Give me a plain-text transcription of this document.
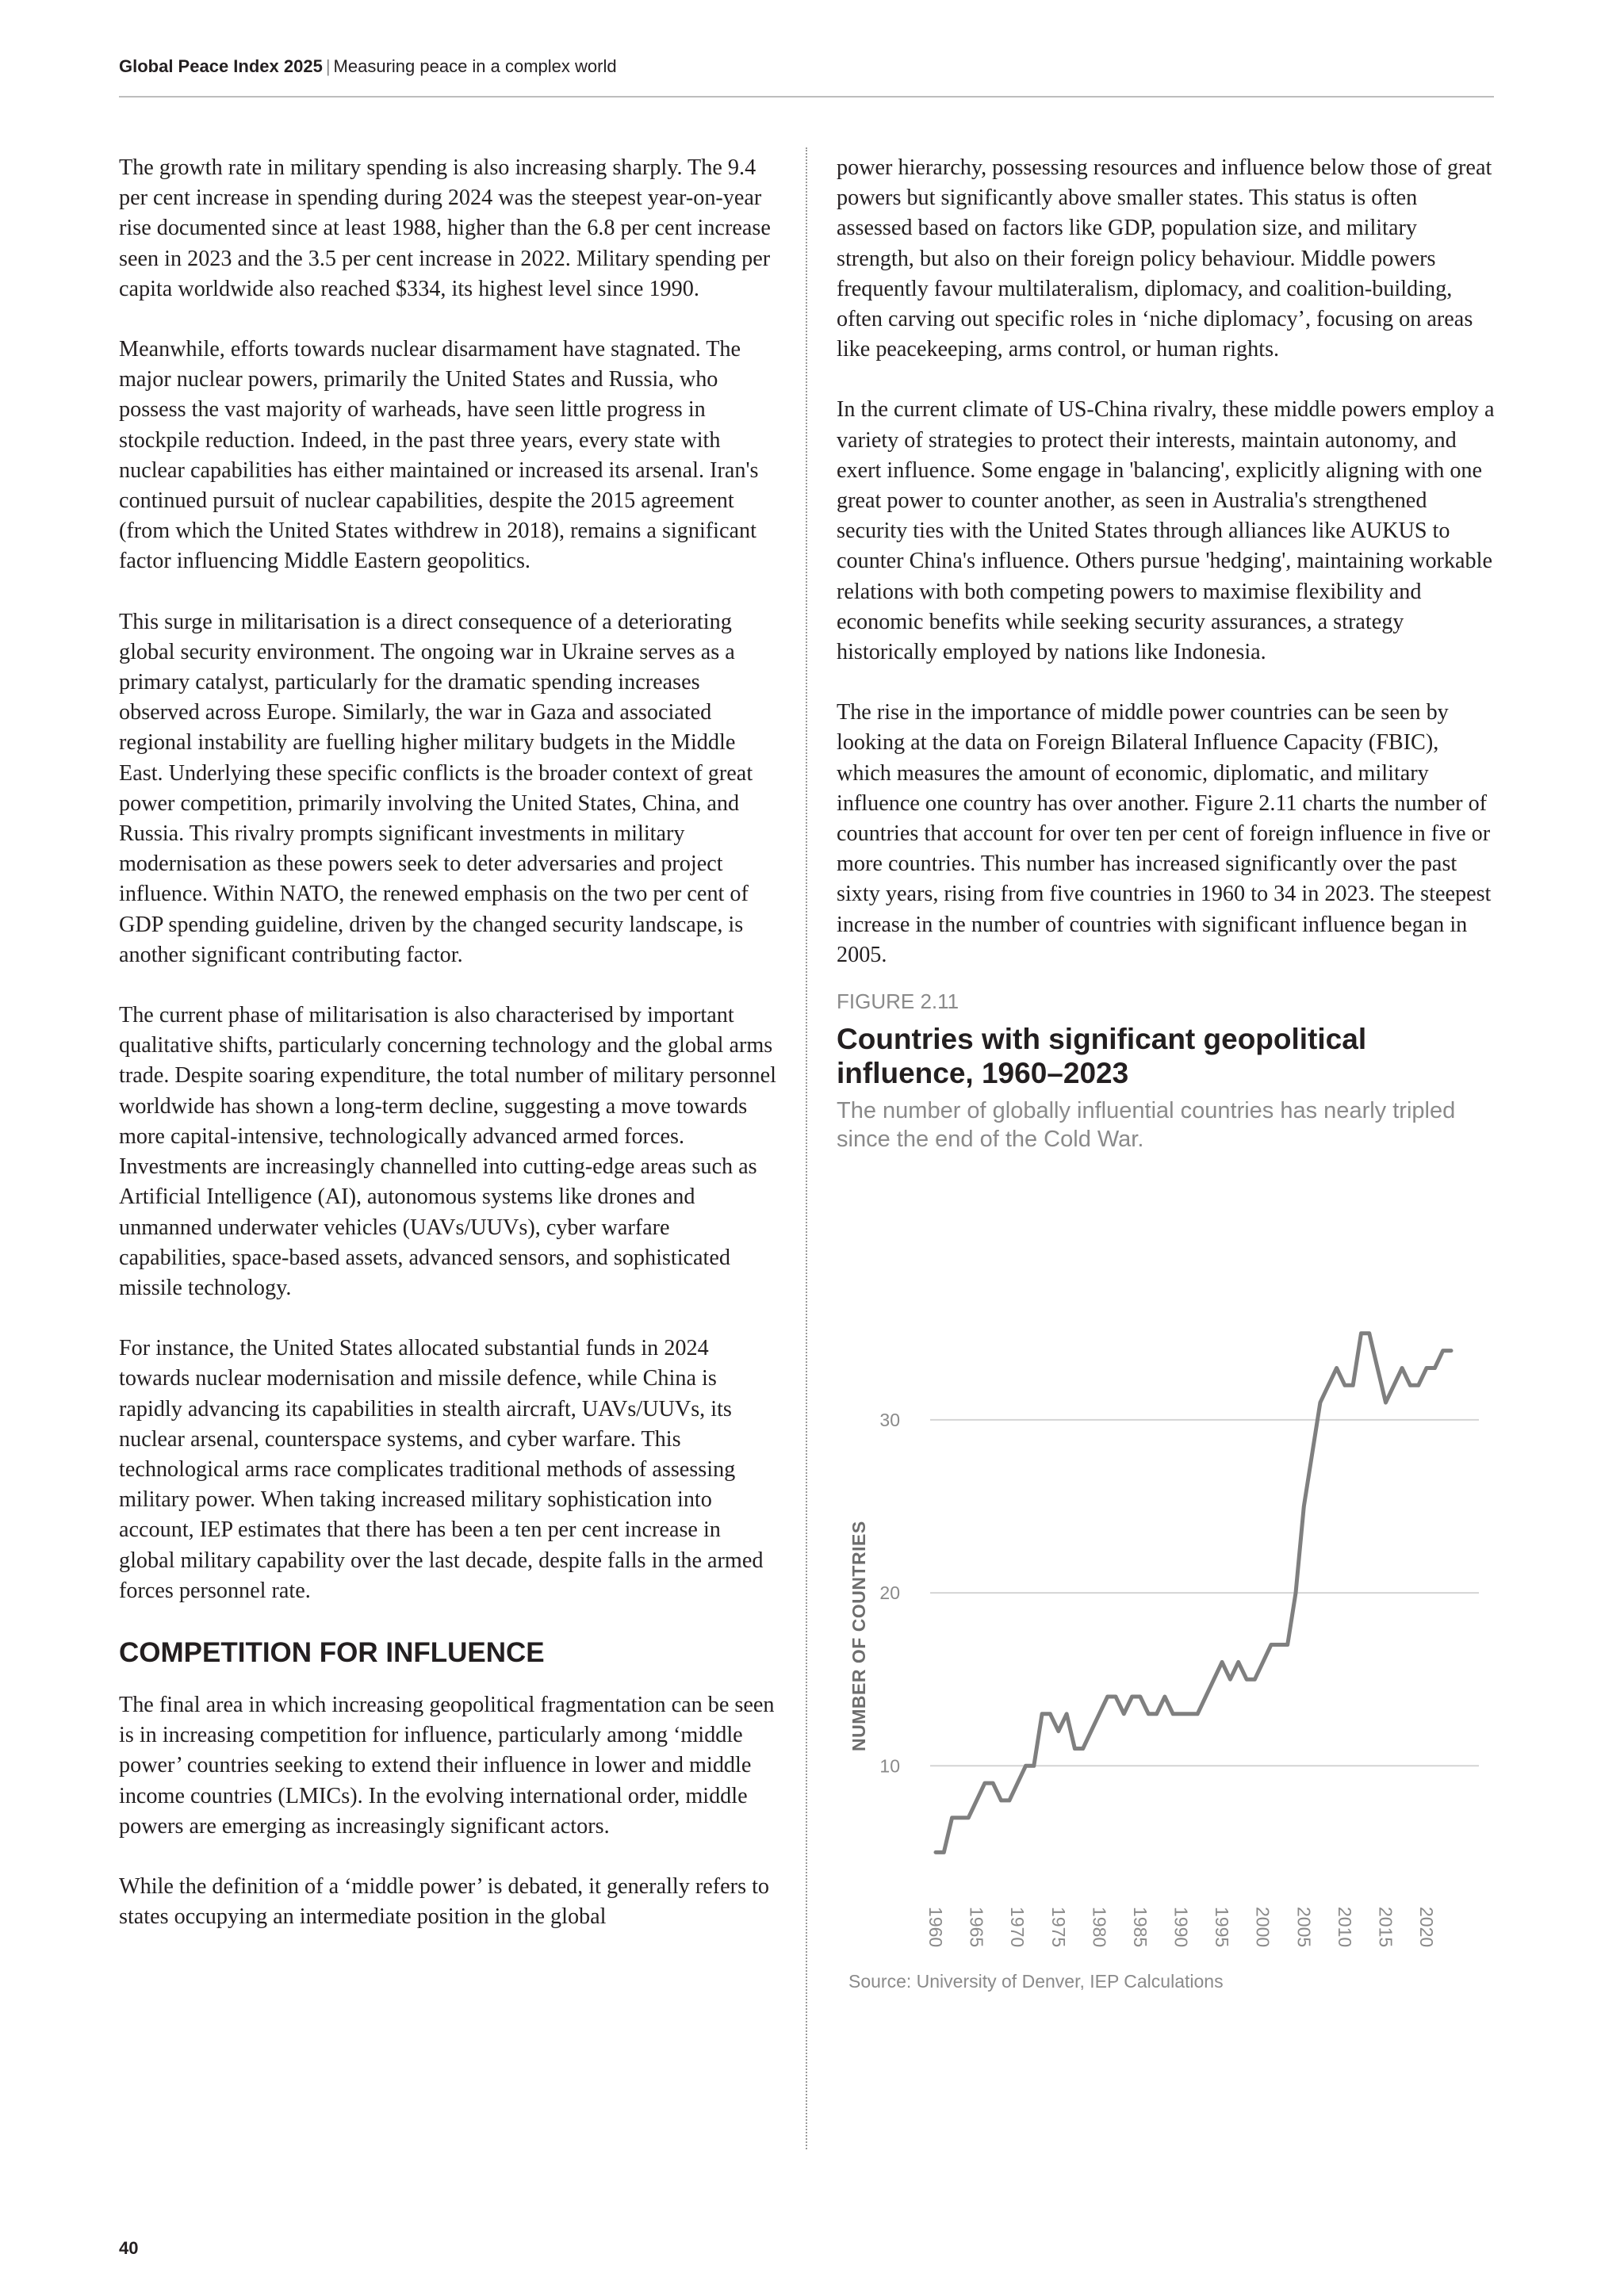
Global Peace Index 2025 | Measuring peace in a complex world

The growth rate in military spending is also increasing sharply. The 9.4 per cent increase in spending during 2024 was the steepest year-on-year rise documented since at least 1988, higher than the 6.8 per cent increase seen in 2023 and the 3.5 per cent increase in 2022. Military spending per capita worldwide also reached $334, its highest level since 1990.

Meanwhile, efforts towards nuclear disarmament have stagnated. The major nuclear powers, primarily the United States and Russia, who possess the vast majority of warheads, have seen little progress in stockpile reduction. Indeed, in the past three years, every state with nuclear capabilities has either maintained or increased its arsenal. Iran's continued pursuit of nuclear capabilities, despite the 2015 agreement (from which the United States withdrew in 2018), remains a significant factor influencing Middle Eastern geopolitics.

This surge in militarisation is a direct consequence of a deteriorating global security environment. The ongoing war in Ukraine serves as a primary catalyst, particularly for the dramatic spending increases observed across Europe. Similarly, the war in Gaza and associated regional instability are fuelling higher military budgets in the Middle East. Underlying these specific conflicts is the broader context of great power competition, primarily involving the United States, China, and Russia. This rivalry prompts significant investments in military modernisation as these powers seek to deter adversaries and project influence. Within NATO, the renewed emphasis on the two per cent of GDP spending guideline, driven by the changed security landscape, is another significant contributing factor.

The current phase of militarisation is also characterised by important qualitative shifts, particularly concerning technology and the global arms trade. Despite soaring expenditure, the total number of military personnel worldwide has shown a long-term decline, suggesting a move towards more capital-intensive, technologically advanced armed forces. Investments are increasingly channelled into cutting-edge areas such as Artificial Intelligence (AI), autonomous systems like drones and unmanned underwater vehicles (UAVs/UUVs), cyber warfare capabilities, space-based assets, advanced sensors, and sophisticated missile technology.

For instance, the United States allocated substantial funds in 2024 towards nuclear modernisation and missile defence, while China is rapidly advancing its capabilities in stealth aircraft, UAVs/UUVs, its nuclear arsenal, counterspace systems, and cyber warfare. This technological arms race complicates traditional methods of assessing military power. When taking increased military sophistication into account, IEP estimates that there has been a ten per cent increase in global military capability over the last decade, despite falls in the armed forces personnel rate.

COMPETITION FOR INFLUENCE

The final area in which increasing geopolitical fragmentation can be seen is in increasing competition for influence, particularly among ‘middle power’ countries seeking to extend their influence in lower and middle income countries (LMICs). In the evolving international order, middle powers are emerging as increasingly significant actors.

While the definition of a ‘middle power’ is debated, it generally refers to states occupying an intermediate position in the global

power hierarchy, possessing resources and influence below those of great powers but significantly above smaller states. This status is often assessed based on factors like GDP, population size, and military strength, but also on their foreign policy behaviour. Middle powers frequently favour multilateralism, diplomacy, and coalition-building, often carving out specific roles in ‘niche diplomacy’, focusing on areas like peacekeeping, arms control, or human rights.

In the current climate of US-China rivalry, these middle powers employ a variety of strategies to protect their interests, maintain autonomy, and exert influence. Some engage in 'balancing', explicitly aligning with one great power to counter another, as seen in Australia's strengthened security ties with the United States through alliances like AUKUS to counter China's influence. Others pursue 'hedging', maintaining workable relations with both competing powers to maximise flexibility and economic benefits while seeking security assurances, a strategy historically employed by nations like Indonesia.

The rise in the importance of middle power countries can be seen by looking at the data on Foreign Bilateral Influence Capacity (FBIC), which measures the amount of economic, diplomatic, and military influence one country has over another. Figure 2.11 charts the number of countries that account for over ten per cent of foreign influence in five or more countries. This number has increased significantly over the past sixty years, rising from five countries in 1960 to 34 in 2023. The steepest increase in the number of countries with significant influence began in 2005.

FIGURE 2.11
Countries with significant geopolitical influence, 1960–2023
The number of globally influential countries has nearly tripled since the end of the Cold War.
10
20
30
NUMBER OF COUNTRIES
1960 1965 1970 1975 1980 1985 1990 1995 2000 2005 2010 2015 2020
Source: University of Denver, IEP Calculations
40
